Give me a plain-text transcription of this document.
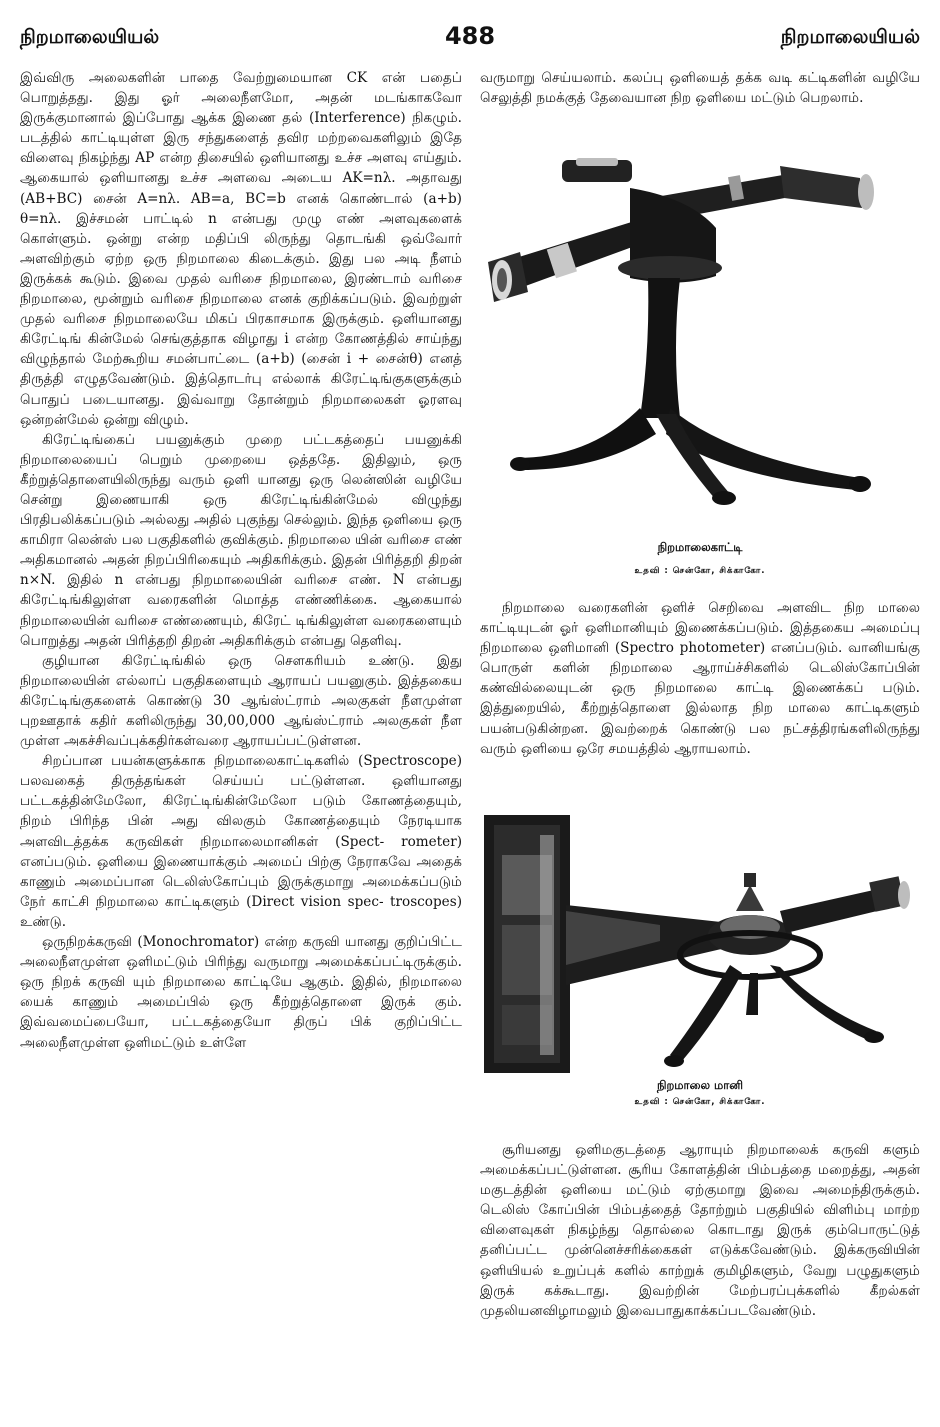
நிறமாலையியல்	488	நிறமாலையியல்

இவ்விரு அலைகளின் பாதை வேற்றுமையான CK என் பதைப் பொறுத்தது. இது ஓர் அலைநீளமோ, அதன் மடங்காகவோ இருக்குமானால் இப்போது ஆக்க இணை தல் (Interference) நிகழும். படத்தில் காட்டியுள்ள இரு சந்துகளைத் தவிர மற்றவைகளிலும் இதே விளைவு நிகழ்ந்து AP என்ற திசையில் ஒளியானது உச்ச அளவு எய்தும். ஆகையால் ஒளியானது உச்ச அளவை அடைய AK=nλ. அதாவது (AB+BC) சைன் A=nλ. AB=a, BC=b எனக் கொண்டால் (a+b) θ=nλ. இச்சமன் பாட்டில் n என்பது முழு எண் அளவுகளைக் கொள்ளும். ஒன்று என்ற மதிப்பி லிருந்து தொடங்கி ஒவ்வோர் அளவிற்கும் ஏற்ற ஒரு நிறமாலை கிடைக்கும். இது பல அடி நீளம் இருக்கக் கூடும். இவை முதல் வரிசை நிறமாலை, இரண்டாம் வரிசை நிறமாலை, மூன்றும் வரிசை நிறமாலை எனக் குறிக்கப்படும். இவற்றுள் முதல் வரிசை நிறமாலையே மிகப் பிரகாசமாக இருக்கும். ஒளியானது கிரேட்டிங் கின்மேல் செங்குத்தாக விழாது i என்ற கோணத்தில் சாய்ந்து விழுந்தால் மேற்கூறிய சமன்பாட்டை (a+b) (சைன் i + சைன்θ) எனத் திருத்தி எழுதவேண்டும். இத்தொடர்பு எல்லாக் கிரேட்டிங்குகளுக்கும் பொதுப் படையானது. இவ்வாறு தோன்றும் நிறமாலைகள் ஓரளவு ஒன்றன்மேல் ஒன்று விழும்.

கிரேட்டிங்கைப் பயனுக்கும் முறை பட்டகத்தைப் பயனுக்கி நிறமாலையைப் பெறும் முறையை ஒத்ததே. இதிலும், ஒரு கீற்றுத்தொளையிலிருந்து வரும் ஒளி யானது ஒரு லென்ஸின் வழியே சென்று இணையாகி ஒரு கிரேட்டிங்கின்மேல் விழுந்து பிரதிபலிக்கப்படும் அல்லது அதில் புகுந்து செல்லும். இந்த ஒளியை ஒரு காமிரா லென்ஸ் பல பகுதிகளில் குவிக்கும். நிறமாலை யின் வரிசை எண் அதிகமானல் அதன் நிறப்பிரிகையும் அதிகரிக்கும். இதன் பிரித்தறி திறன் n×N. இதில் n என்பது நிறமாலையின் வரிசை எண். N என்பது கிரேட்டிங்கிலுள்ள வரைகளின் மொத்த எண்ணிக்கை. ஆகையால் நிறமாலையின் வரிசை எண்ணையும், கிரேட் டிங்கிலுள்ள வரைகளையும் பொறுத்து அதன் பிரித்தறி திறன் அதிகரிக்கும் என்பது தெளிவு.

குழியான கிரேட்டிங்கில் ஒரு சௌகரியம் உண்டு. இது நிறமாலையின் எல்லாப் பகுதிகளையும் ஆராயப் பயனுகும். இத்தகைய கிரேட்டிங்குகளைக் கொண்டு 30 ஆங்ஸ்ட்ராம் அலகுகள் நீளமுள்ள புறஊதாக் கதிர் களிலிருந்து 30,00,000 ஆங்ஸ்ட்ராம் அலகுகள் நீள முள்ள அகச்சிவப்புக்கதிர்கள்வரை ஆராயப்பட்டுள்ளன.

சிறப்பான பயன்களுக்காக நிறமாலைகாட்டிகளில் (Spectroscope) பலவகைத் திருத்தங்கள் செய்யப் பட்டுள்ளன. ஒளியானது பட்டகத்தின்மேலோ, கிரேட்டிங்கின்மேலோ படும் கோணத்தையும், நிறம் பிரிந்த பின் அது விலகும் கோணத்தையும் நேரடியாக அளவிடத்தக்க கருவிகள் நிறமாலைமானிகள் (Spect- rometer) எனப்படும். ஒளியை இணையாக்கும் அமைப் பிற்கு நேராகவே அதைக் காணும் அமைப்பான டெலிஸ்கோப்பும் இருக்குமாறு அமைக்கப்படும் நேர் காட்சி நிறமாலை காட்டிகளும் (Direct vision spec- troscopes) உண்டு.

ஒருநிறக்கருவி (Monochromator) என்ற கருவி யானது குறிப்பிட்ட அலைநீளமுள்ள ஒளிமட்டும் பிரிந்து வருமாறு அமைக்கப்பட்டிருக்கும். ஒரு நிறக் கருவி யும் நிறமாலை காட்டியே ஆகும். இதில், நிறமாலை யைக் காணும் அமைப்பில் ஒரு கீற்றுத்தொளை இருக் கும். இவ்வமைப்பையோ, பட்டகத்தையோ திருப் பிக் குறிப்பிட்ட அலைநீளமுள்ள ஒளிமட்டும் உள்ளே

வருமாறு செய்யலாம். கலப்பு ஒளியைத் தக்க வடி கட்டிகளின் வழியே செலுத்தி நமக்குத் தேவையான நிற ஒளியை மட்டும் பெறலாம்.

நிறமாலைகாட்டி
உதவி : சென்கோ, சிக்காகோ.

நிறமாலை வரைகளின் ஒளிச் செறிவை அளவிட நிற மாலை காட்டியுடன் ஓர் ஒளிமானியும் இணைக்கப்படும். இத்தகைய அமைப்பு நிறமாலை ஒளிமானி (Spectro photometer) எனப்படும். வானியங்கு பொருள் களின் நிறமாலை ஆராய்ச்சிகளில் டெலிஸ்கோப்பின் கண்வில்லையுடன் ஒரு நிறமாலை காட்டி இணைக்கப் படும். இத்துறையில், கீற்றுத்தொளை இல்லாத நிற மாலை காட்டிகளும் பயன்படுகின்றன. இவற்றைக் கொண்டு பல நட்சத்திரங்களிலிருந்து வரும் ஒளியை ஒரே சமயத்தில் ஆராயலாம்.

நிறமாலை மானி
உதவி : சென்கோ, சிக்காகோ.

சூரியனது ஒளிமகுடத்தை ஆராயும் நிறமாலைக் கருவி களும் அமைக்கப்பட்டுள்ளன. சூரிய கோளத்தின் பிம்பத்தை மறைத்து, அதன் மகுடத்தின் ஒளியை மட்டும் ஏற்குமாறு இவை அமைந்திருக்கும். டெலிஸ் கோப்பின் பிம்பத்தைத் தோற்றும் பகுதியில் விளிம்பு மாற்ற விளைவுகள் நிகழ்ந்து தொல்லை கொடாது இருக் கும்பொருட்டுத் தனிப்பட்ட முன்னெச்சரிக்கைகள் எடுக்கவேண்டும். இக்கருவியின் ஒளியியல் உறுப்புக் களில் காற்றுக் குமிழிகளும், வேறு பழுதுகளும் இருக் கக்கூடாது. இவற்றின் மேற்பரப்புக்களில் கீறல்கள் முதலியனவிழாமலும் இவைபாதுகாக்கப்படவேண்டும்.
